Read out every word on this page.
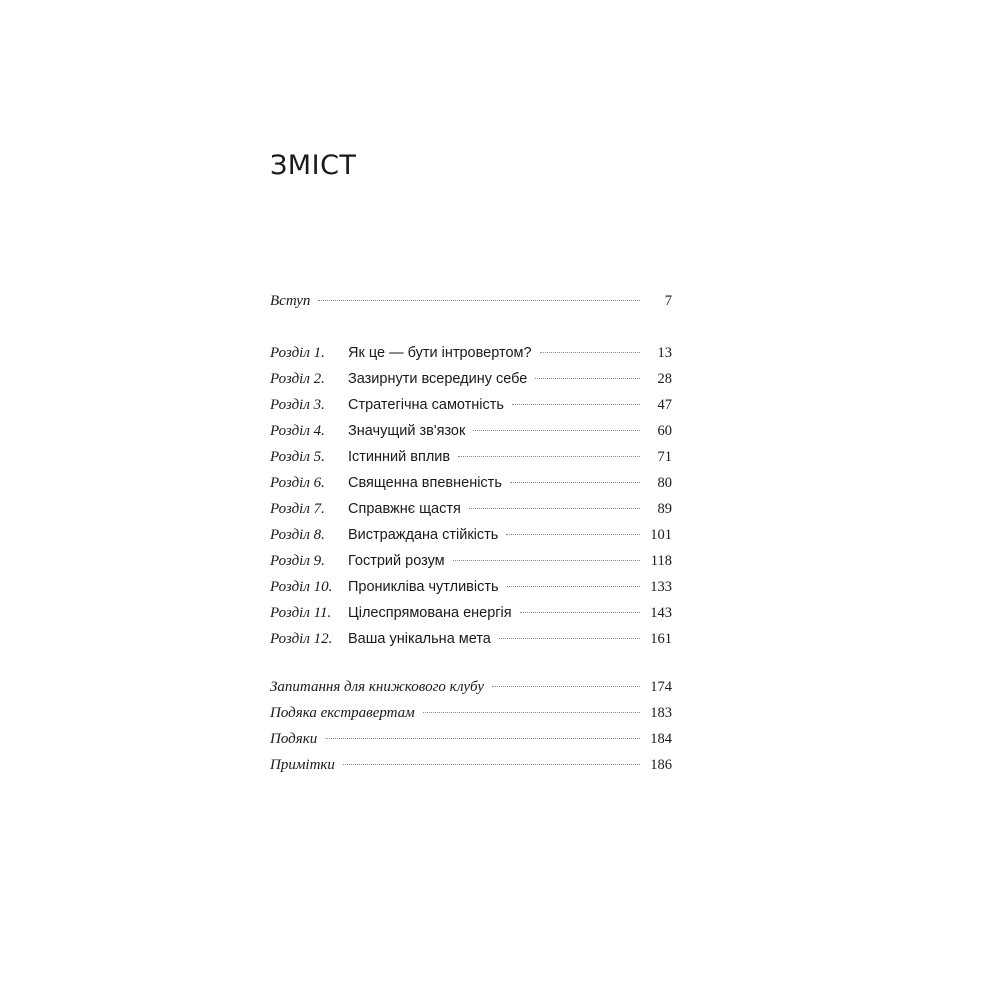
ЗМІСТ
Вступ	7
Розділ 1.	Як це — бути інтровертом?	13
Розділ 2.	Зазирнути всередину себе	28
Розділ 3.	Стратегічна самотність	47
Розділ 4.	Значущий зв'язок	60
Розділ 5.	Істинний вплив	71
Розділ 6.	Священна впевненість	80
Розділ 7.	Справжнє щастя	89
Розділ 8.	Вистраждана стійкість	101
Розділ 9.	Гострий розум	118
Розділ 10.	Проникліва чутливість	133
Розділ 11.	Цілеспрямована енергія	143
Розділ 12.	Ваша унікальна мета	161
Запитання для книжкового клубу	174
Подяка екстравертам	183
Подяки	184
Примітки	186
